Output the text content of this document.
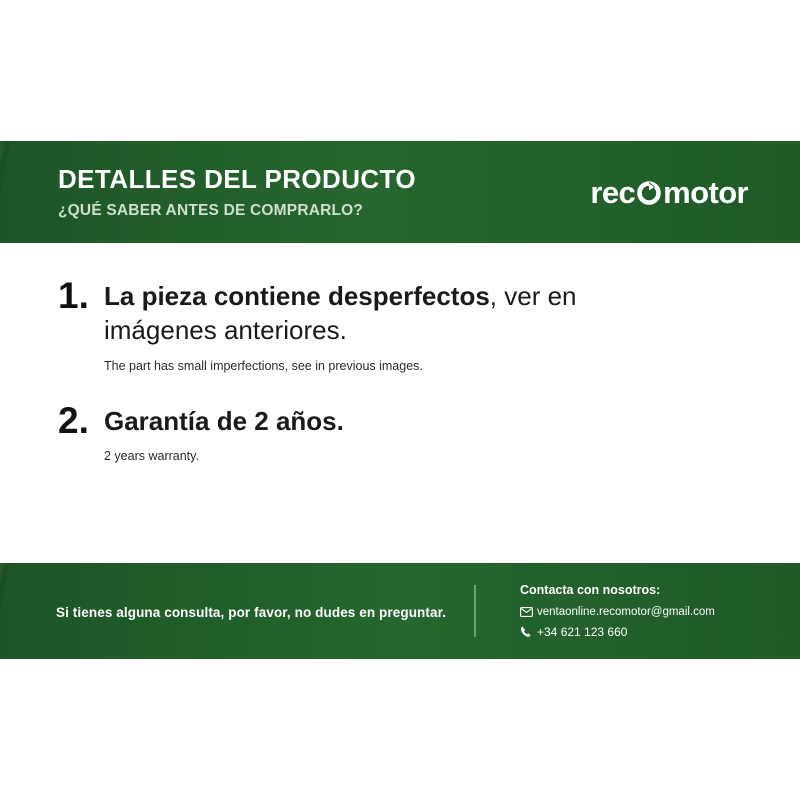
DETALLES DEL PRODUCTO
¿QUÉ SABER ANTES DE COMPRARLO?
rec motor
1. La pieza contiene desperfectos, ver en imágenes anteriores.
The part has small imperfections, see in previous images.
2. Garantía de 2 años.
2 years warranty.
Si tienes alguna consulta, por favor, no dudes en preguntar.
Contacta con nosotros:
ventaonline.recomotor@gmail.com
+34 621 123 660
